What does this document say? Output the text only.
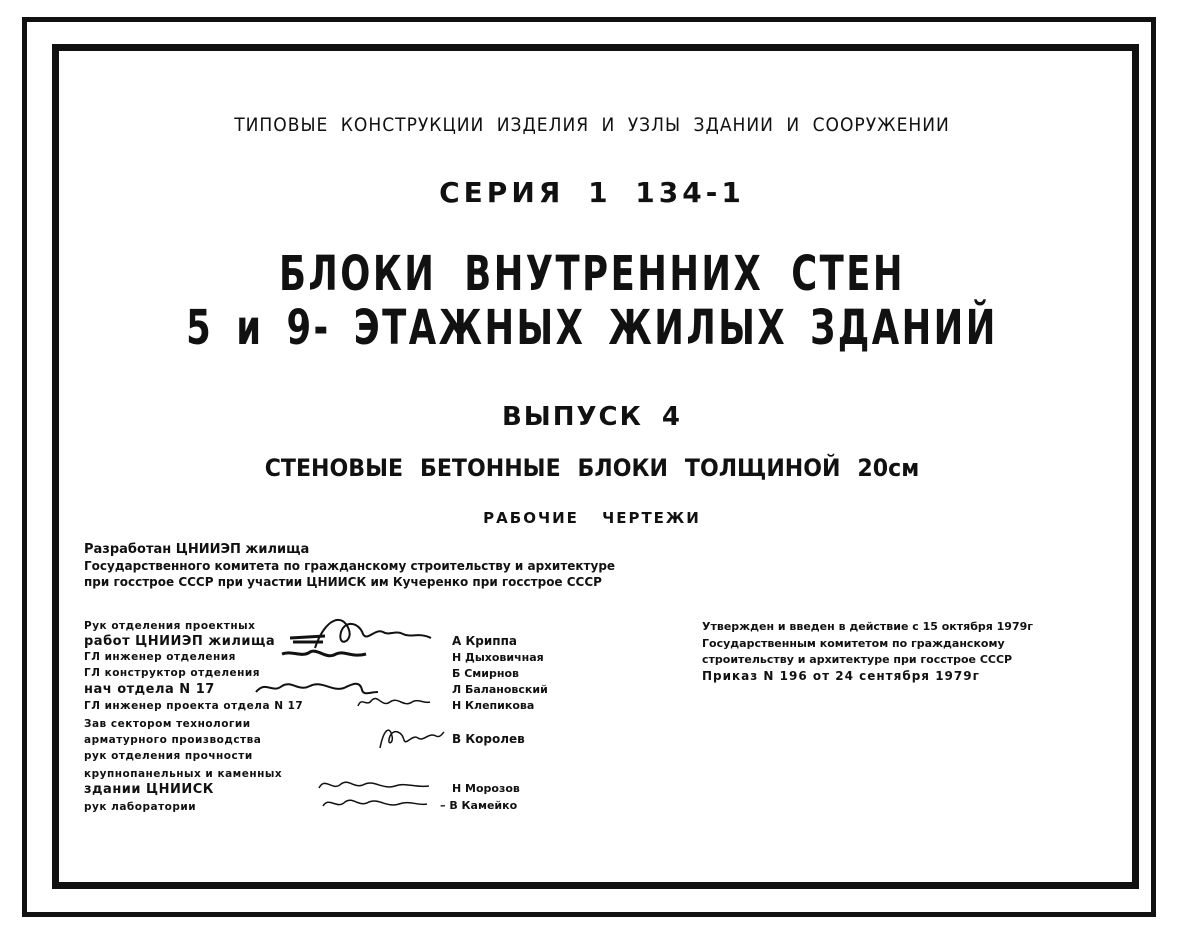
ТИПОВЫЕ КОНСТРУКЦИИ ИЗДЕЛИЯ И УЗЛЫ ЗДАНИИ И СООРУЖЕНИИ
СЕРИЯ 1 134-1
БЛОКИ ВНУТРЕННИХ СТЕН
5 и 9- ЭТАЖНЫХ ЖИЛЫХ ЗДАНИЙ
ВЫПУСК 4
СТЕНОВЫЕ БЕТОННЫЕ БЛОКИ ТОЛЩИНОЙ 20см
РАБОЧИЕ ЧЕРТЕЖИ
Разработан ЦНИИЭП жилища
Государственного комитета по гражданскому строительству и архитектуре
при госстрое СССР при участии ЦНИИСК им Кучеренко при госстрое СССР
Рук отделения проектных
работ ЦНИИЭП жилища
ГЛ инженер отделения
ГЛ конструктор отделения
нач отдела N 17
ГЛ инженер проекта отдела N 17
Зав сектором технологии
арматурного производства
рук отделения прочности
крупнопанельных и каменных
здании ЦНИИСК
рук лаборатории
А Криппа
Н Дыховичная
Б Смирнов
Л Балановский
Н Клепикова
В Королев
Н Морозов
– В Камейко
Утвержден и введен в действие с 15 октября 1979г
Государственным комитетом по гражданскому
строительству и архитектуре при госстрое СССР
Приказ N 196 от 24 сентября 1979г
